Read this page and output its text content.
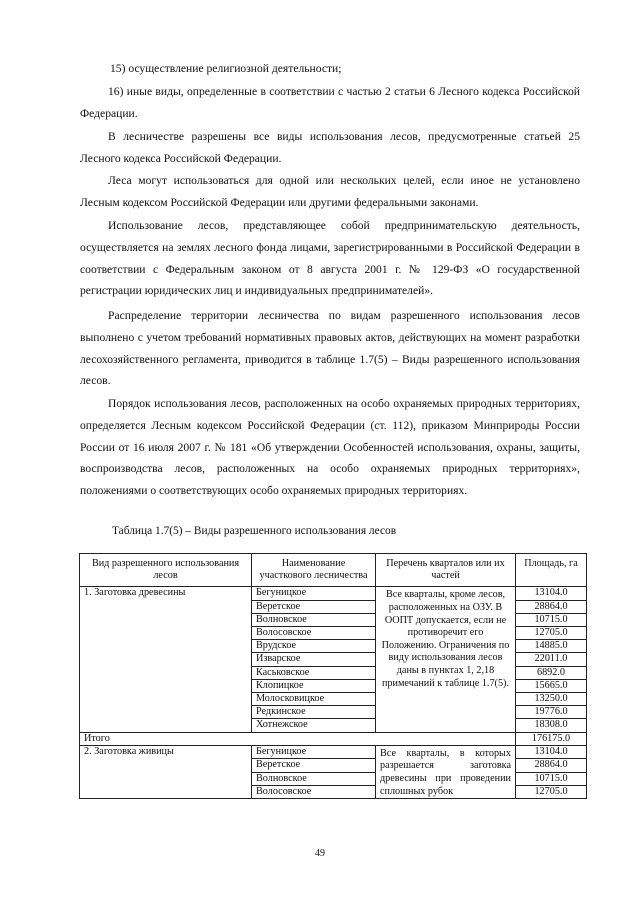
15) осуществление религиозной деятельности;

16) иные виды, определенные в соответствии с частью 2 статьи 6 Лесного кодекса Российской Федерации.

В лесничестве разрешены все виды использования лесов, предусмотренные статьей 25 Лесного кодекса Российской Федерации.

Леса могут использоваться для одной или нескольких целей, если иное не установлено Лесным кодексом Российской Федерации или другими федеральными законами.

Использование лесов, представляющее собой предпринимательскую деятельность, осуществляется на землях лесного фонда лицами, зарегистрированными в Российской Федерации в соответствии с Федеральным законом от 8 августа 2001 г. № 129-ФЗ «О государственной регистрации юридических лиц и индивидуальных предпринимателей».

Распределение территории лесничества по видам разрешенного использования лесов выполнено с учетом требований нормативных правовых актов, действующих на момент разработки лесохозяйственного регламента, приводится в таблице 1.7(5) – Виды разрешенного использования лесов.

Порядок использования лесов, расположенных на особо охраняемых природных территориях, определяется Лесным кодексом Российской Федерации (ст. 112), приказом Минприроды России России от 16 июля 2007 г. № 181 «Об утверждении Особенностей использования, охраны, защиты, воспроизводства лесов, расположенных на особо охраняемых природных территориях», положениями о соответствующих особо охраняемых природных территориях.

Таблица 1.7(5) – Виды разрешенного использования лесов
Вид разрешенного использования лесов	Наименование участкового лесничества	Перечень кварталов или их частей	Площадь, га
1. Заготовка древесины	Бегуницкое	Все кварталы, кроме лесов, расположенных на ОЗУ. В ООПТ допускается, если не противоречит его Положению. Ограничения по виду использования лесов даны в пунктах 1, 2,18 примечаний к таблице 1.7(5).	13104.0
	Веретское		28864.0
	Волновское		10715.0
	Волосовское		12705.0
	Врудское		14885.0
	Изварское		22011.0
	Каськовское		6892.0
	Клопицкое		15665.0
	Молосковицкое		13250.0
	Редкинское		19776.0
	Хотнежское		18308.0
Итого			176175.0
2. Заготовка живицы	Бегуницкое	Все кварталы, в которых разрешается заготовка древесины при проведении сплошных рубок	13104.0
	Веретское		28864.0
	Волновское		10715.0
	Волосовское		12705.0
49
